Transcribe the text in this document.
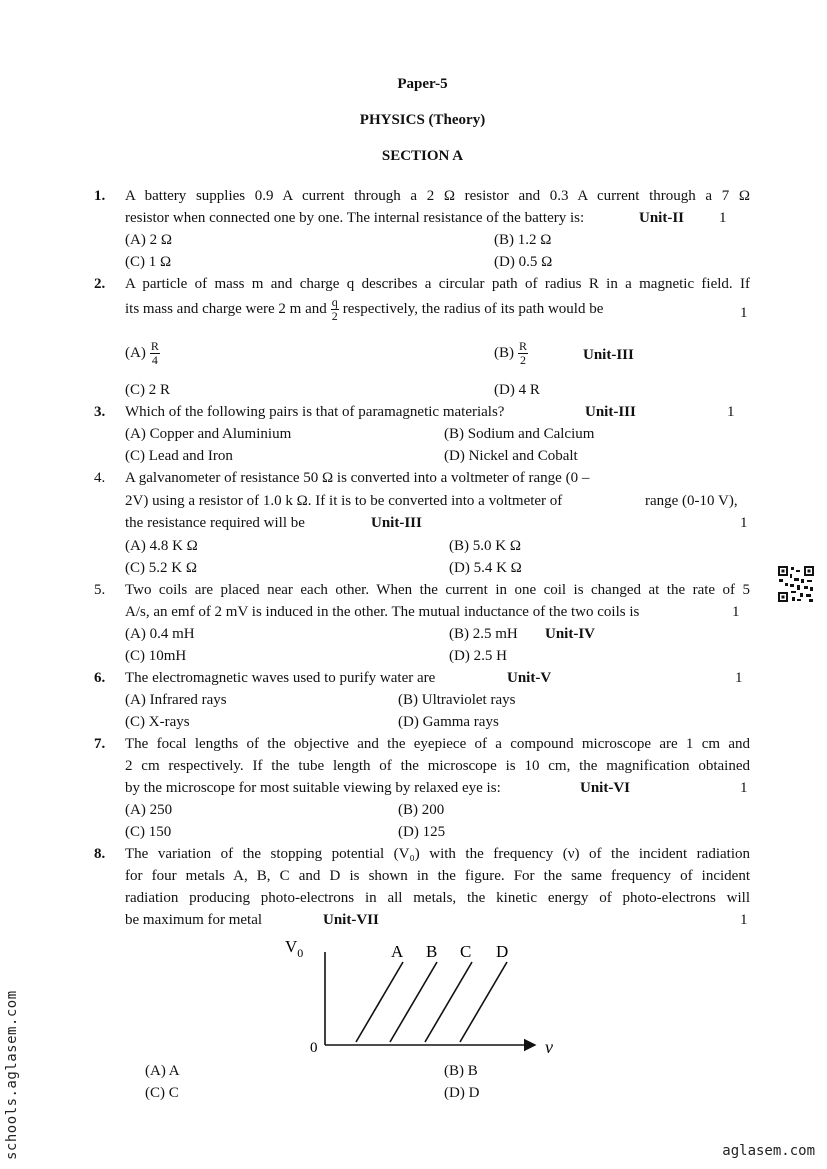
Paper-5
PHYSICS (Theory)
SECTION A
1.	A battery supplies 0.9 A current through a 2 Ω resistor and 0.3 A current through a 7 Ω
resistor when connected one by one. The internal resistance of the battery is:	Unit-II 1
(A) 2 Ω	(B) 1.2 Ω
(C) 1 Ω	(D) 0.5 Ω
2.	A particle of mass m and charge q describes a circular path of radius R in a magnetic field. If
its mass and charge were 2 m and $\frac{q}{2}$ respectively, the radius of its path would be	1
$(A) \frac{R}{4}$	$(B) \frac{R}{2}$	Unit-III
(C) 2 R	(D) 4 R
3.	Which of the following pairs is that of paramagnetic materials?	Unit-III	1
(A) Copper and Aluminium	(B) Sodium and Calcium
(C) Lead and Iron	(D) Nickel and Cobalt
4.	A galvanometer of resistance 50 Ω is converted into a voltmeter of range (0 –
2V) using a resistor of 1.0 k Ω. If it is to be converted into a voltmeter of	range (0-10 V),
the resistance required will be	Unit-III	1
(A) 4.8 K Ω	(B) 5.0 K Ω
(C) 5.2 K Ω	(D) 5.4 K Ω
5.	Two coils are placed near each other. When the current in one coil is changed at the rate of 5
A/s, an emf of 2 mV is induced in the other. The mutual inductance of the two coils is	1
(A) 0.4 mH	(B) 2.5 mH Unit-IV
(C) 10mH	(D) 2.5 H
6.	The electromagnetic waves used to purify water are	Unit-V	1
(A) Infrared rays	(B) Ultraviolet rays
(C) X-rays	(D) Gamma rays
7.	The focal lengths of the objective and the eyepiece of a compound microscope are 1 cm and
2 cm respectively. If the tube length of the microscope is 10 cm, the magnification obtained
by the microscope for most suitable viewing by relaxed eye is:	Unit-VI	1
(A) 250	(B) 200
(C) 150	(D) 125
8.	The variation of the stopping potential (V₀) with the frequency (ν) of the incident radiation
for four metals A, B, C and D is shown in the figure. For the same frequency of incident
radiation producing photo-electrons in all metals, the kinetic energy of photo-electrons will
be maximum for metal	Unit-VII	1
$V_0$
0	ν
A B C D
(A) A	(B) B
(C) C	(D) D
schools.aglasem.com	aglasem.com
